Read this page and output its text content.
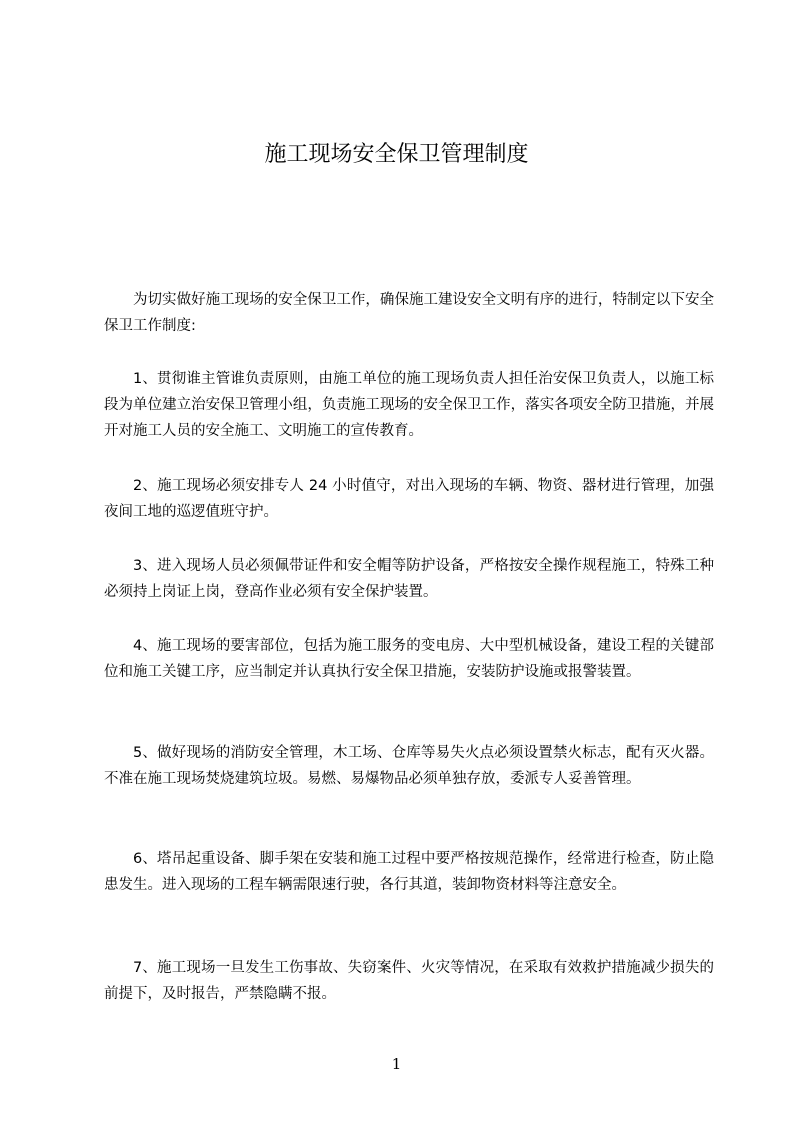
施工现场安全保卫管理制度

为切实做好施工现场的安全保卫工作，确保施工建设安全文明有序的进行，特制定以下安全保卫工作制度:

1、贯彻谁主管谁负责原则，由施工单位的施工现场负责人担任治安保卫负责人，以施工标段为单位建立治安保卫管理小组，负责施工现场的安全保卫工作，落实各项安全防卫措施，并展开对施工人员的安全施工、文明施工的宣传教育。

2、施工现场必须安排专人 24 小时值守，对出入现场的车辆、物资、器材进行管理，加强夜间工地的巡逻值班守护。

3、进入现场人员必须佩带证件和安全帽等防护设备，严格按安全操作规程施工，特殊工种必须持上岗证上岗，登高作业必须有安全保护装置。

4、施工现场的要害部位，包括为施工服务的变电房、大中型机械设备，建设工程的关键部位和施工关键工序，应当制定并认真执行安全保卫措施，安装防护设施或报警装置。

5、做好现场的消防安全管理，木工场、仓库等易失火点必须设置禁火标志，配有灭火器。不准在施工现场焚烧建筑垃圾。易燃、易爆物品必须单独存放，委派专人妥善管理。

6、塔吊起重设备、脚手架在安装和施工过程中要严格按规范操作，经常进行检查，防止隐患发生。进入现场的工程车辆需限速行驶，各行其道，装卸物资材料等注意安全。

7、施工现场一旦发生工伤事故、失窃案件、火灾等情况，在采取有效救护措施减少损失的前提下，及时报告，严禁隐瞒不报。

1
